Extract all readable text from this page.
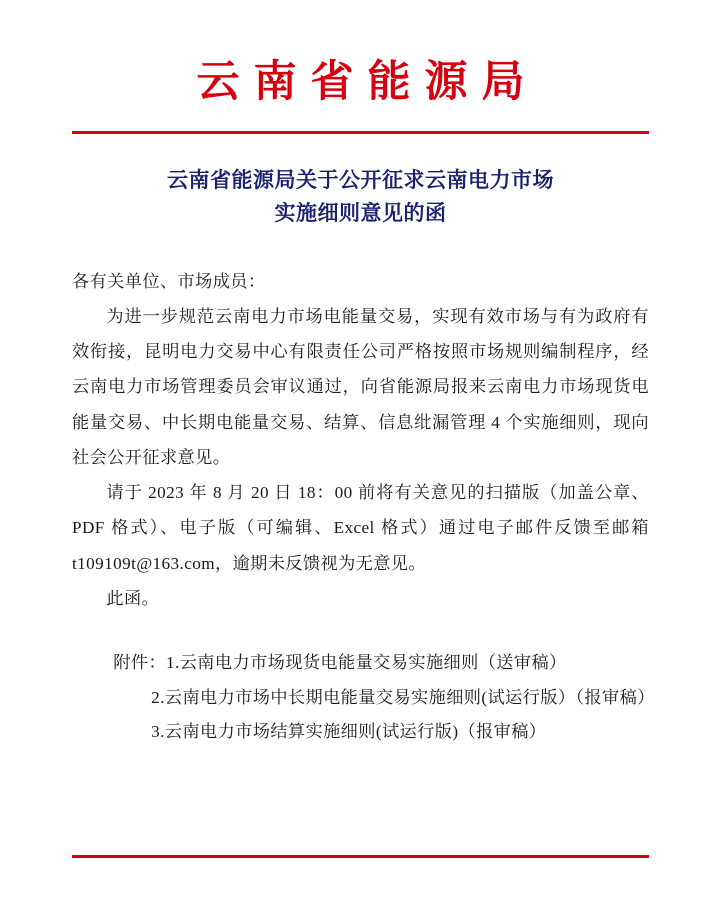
云南省能源局
云南省能源局关于公开征求云南电力市场
实施细则意见的函

各有关单位、市场成员：

为进一步规范云南电力市场电能量交易，实现有效市场与有为政府有效衔接，昆明电力交易中心有限责任公司严格按照市场规则编制程序，经云南电力市场管理委员会审议通过，向省能源局报来云南电力市场现货电能量交易、中长期电能量交易、结算、信息纰漏管理 4 个实施细则，现向社会公开征求意见。

请于 2023 年 8 月 20 日 18：00 前将有关意见的扫描版（加盖公章、PDF 格式）、电子版（可编辑、Excel 格式）通过电子邮件反馈至邮箱 t109109t@163.com，逾期未反馈视为无意见。

此函。

附件：1.云南电力市场现货电能量交易实施细则（送审稿）
2.云南电力市场中长期电能量交易实施细则(试运行版）（报审稿）
3.云南电力市场结算实施细则(试运行版)（报审稿）
